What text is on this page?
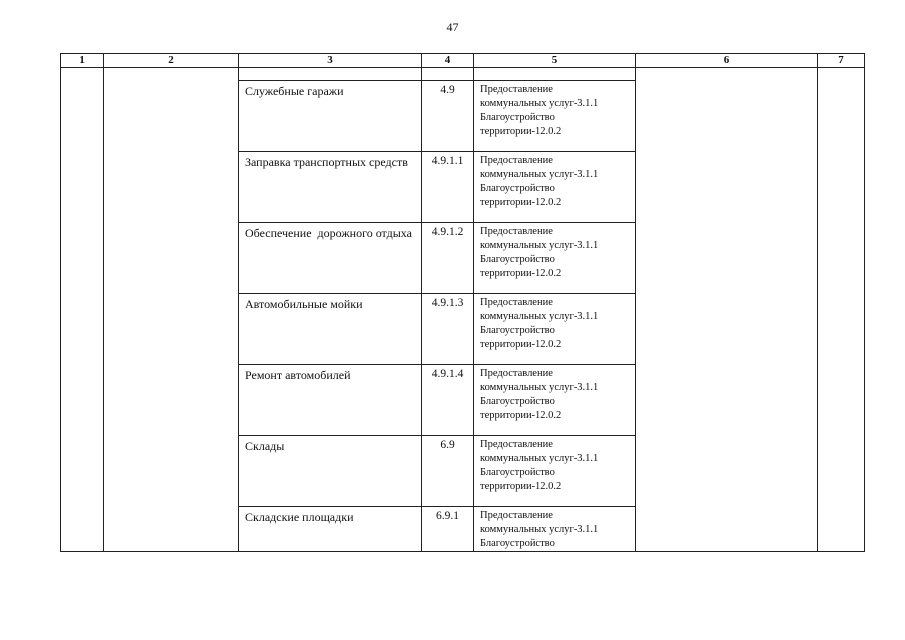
47
1	2	3	4	5	6	7

		Служебные гаражи	4.9	Предоставление
коммунальных услуг-3.1.1
Благоустройство
территории-12.0.2		

		Заправка транспортных средств	4.9.1.1	Предоставление
коммунальных услуг-3.1.1
Благоустройство
территории-12.0.2		

		Обеспечение  дорожного отдыха	4.9.1.2	Предоставление
коммунальных услуг-3.1.1
Благоустройство
территории-12.0.2		

		Автомобильные мойки	4.9.1.3	Предоставление
коммунальных услуг-3.1.1
Благоустройство
территории-12.0.2		

		Ремонт автомобилей	4.9.1.4	Предоставление
коммунальных услуг-3.1.1
Благоустройство
территории-12.0.2		

		Склады	6.9	Предоставление
коммунальных услуг-3.1.1
Благоустройство
территории-12.0.2		

		Складские площадки	6.9.1	Предоставление
коммунальных услуг-3.1.1
Благоустройство		
